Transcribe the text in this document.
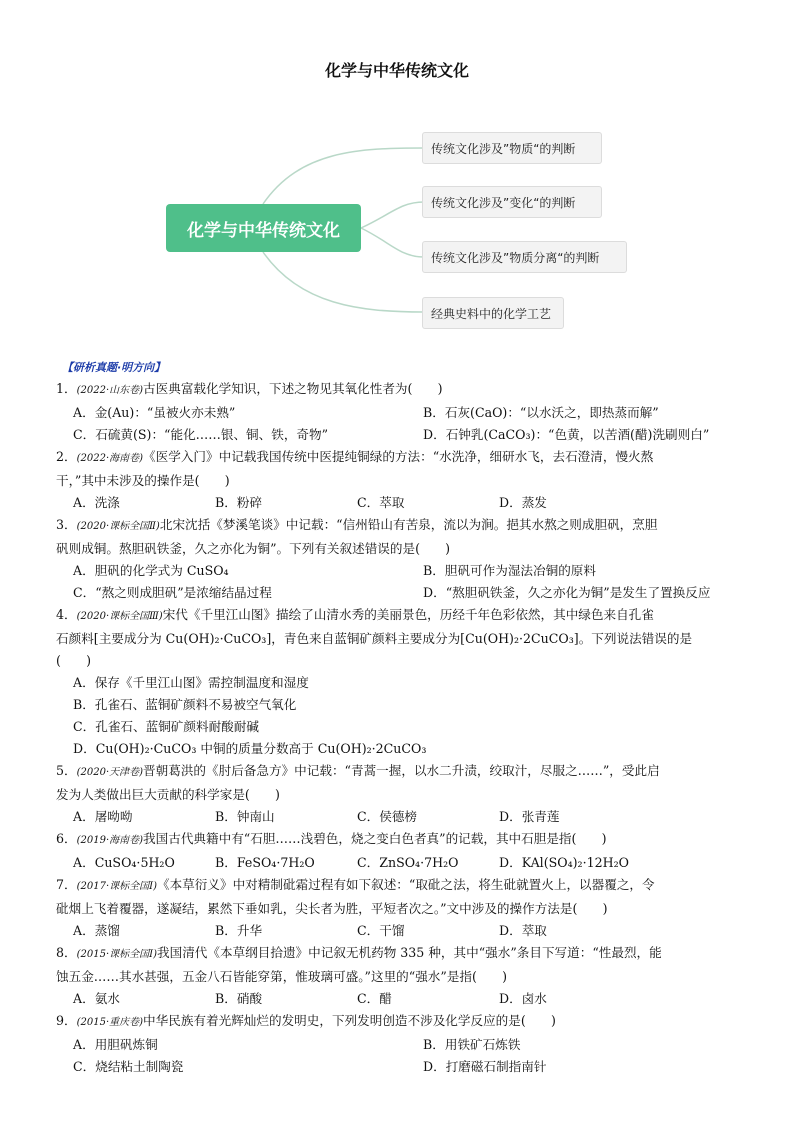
化学与中华传统文化
化学与中华传统文化
传统文化涉及”物质“的判断
传统文化涉及”变化“的判断
传统文化涉及”物质分离“的判断
经典史料中的化学工艺
【研析真题·明方向】
1．(2022·山东卷)古医典富载化学知识，下述之物见其氧化性者为(　　)
A．金(Au)：“虽被火亦未熟”	B．石灰(CaO)：“以水沃之，即热蒸而解”
C．石硫黄(S)：“能化……银、铜、铁，奇物”	D．石钟乳(CaCO₃)：“色黄，以苦酒(醋)洗刷则白”
2．(2022·海南卷)《医学入门》中记载我国传统中医提纯铜绿的方法：“水洗净，细研水飞，去石澄清，慢火熬
干，”其中未涉及的操作是(　　)
A．洗涤	B．粉碎	C．萃取	D．蒸发
3．(2020·课标全国Ⅱ)北宋沈括《梦溪笔谈》中记载：“信州铅山有苦泉，流以为涧。挹其水熬之则成胆矾，烹胆
矾则成铜。熬胆矾铁釜，久之亦化为铜”。下列有关叙述错误的是(　　)
A．胆矾的化学式为 CuSO₄	B．胆矾可作为湿法冶铜的原料
C．“熬之则成胆矾”是浓缩结晶过程	D．“熬胆矾铁釜，久之亦化为铜”是发生了置换反应
4．(2020·课标全国Ⅲ)宋代《千里江山图》描绘了山清水秀的美丽景色，历经千年色彩依然，其中绿色来自孔雀
石颜料[主要成分为 Cu(OH)₂·CuCO₃]，青色来自蓝铜矿颜料主要成分为[Cu(OH)₂·2CuCO₃]。下列说法错误的是
(　　)
A．保存《千里江山图》需控制温度和湿度
B．孔雀石、蓝铜矿颜料不易被空气氧化
C．孔雀石、蓝铜矿颜料耐酸耐碱
D．Cu(OH)₂·CuCO₃ 中铜的质量分数高于 Cu(OH)₂·2CuCO₃
5．(2020·天津卷)晋朝葛洪的《肘后备急方》中记载：“青蒿一握，以水二升渍，绞取汁，尽服之……”，受此启
发为人类做出巨大贡献的科学家是(　　)
A．屠呦呦	B．钟南山	C．侯德榜	D．张青莲
6．(2019·海南卷)我国古代典籍中有“石胆……浅碧色，烧之变白色者真”的记载，其中石胆是指(　　)
A．CuSO₄·5H₂O	B．FeSO₄·7H₂O	C．ZnSO₄·7H₂O	D．KAl(SO₄)₂·12H₂O
7．(2017·课标全国Ⅰ)《本草衍义》中对精制砒霜过程有如下叙述：“取砒之法，将生砒就置火上，以器覆之，令
砒烟上飞着覆器，遂凝结，累然下垂如乳，尖长者为胜，平短者次之。”文中涉及的操作方法是(　　)
A．蒸馏	B．升华	C．干馏	D．萃取
8．(2015·课标全国Ⅰ)我国清代《本草纲目拾遗》中记叙无机药物 335 种，其中“强水”条目下写道：“性最烈，能
蚀五金……其水甚强，五金八石皆能穿第，惟玻璃可盛。”这里的“强水”是指(　　)
A．氨水	B．硝酸	C．醋	D．卤水
9．(2015·重庆卷)中华民族有着光辉灿烂的发明史，下列发明创造不涉及化学反应的是(　　)
A．用胆矾炼铜	B．用铁矿石炼铁
C．烧结粘土制陶瓷	D．打磨磁石制指南针
